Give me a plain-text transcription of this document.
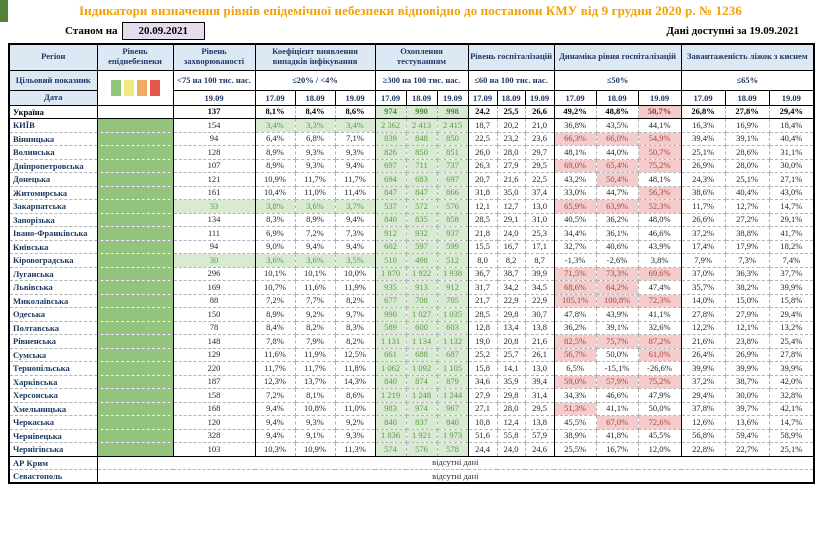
Індикатори визначення рівнів епідемічної небезпеки відповідно до постанови КМУ від 9 грудня 2020 р. № 1236
Станом на	20.09.2021	Дані доступні за 19.09.2021
Регіон	Рівень епіднебезпеки	Рівень захворюваності	Коефіцієнт виявлення випадків інфікування			Охоплення тестуванням			Рівень госпіталізацій			Динаміка рівня госпіталізацій			Завантаженість ліжок з киснем		
Цільовий показник		<75 на 100 тис. нас.	≤20% / <4%			≥300 на 100 тис. нас.			≤60 на 100 тис. нас.			≤50%			≤65%		
Дата		19.09	17.09	18.09	19.09	17.09	18.09	19.09	17.09	18.09	19.09	17.09	18.09	19.09	17.09	18.09	19.09
Україна		137	8,1%	8,4%	8,6%	974	990	998	24,2	25,5	26,6	49,2%	48,8%	50,7%	26,8%	27,8%	29,4%
КИЇВ		154	3,4%	3,3%	3,4%	2 362	2 413	2 415	18,7	20,2	21,0	36,8%	43,5%	44,1%	16,3%	16,9%	18,4%
Вінницька		94	6,4%	6,8%	7,1%	839	848	850	22,5	23,2	23,6	66,3%	66,0%	54,9%	39,4%	39,1%	40,4%
Волинська		128	8,9%	9,3%	9,3%	826	850	851	26,0	28,0	29,7	48,1%	44,0%	50,7%	25,1%	28,6%	31,1%
Дніпропетровська		107	8,9%	9,3%	9,4%	697	711	737	26,3	27,9	29,5	69,0%	65,4%	75,2%	26,9%	28,0%	30,0%
Донецька		121	10,9%	11,7%	11,7%	694	683	697	20,7	21,6	22,5	43,2%	50,4%	48,1%	24,3%	25,1%	27,1%
Житомирська		161	10,4%	11,0%	11,4%	847	847	866	31,8	35,0	37,4	33,0%	44,7%	56,3%	38,6%	40,4%	43,0%
Закарпатська		33	3,8%	3,6%	3,7%	537	572	576	12,1	12,7	13,0	65,9%	63,9%	52,3%	11,7%	12,7%	14,7%
Запорізька		134	8,3%	8,9%	9,4%	840	835	858	28,5	29,1	31,0	40,5%	36,2%	48,0%	26,6%	27,2%	29,1%
Івано-Франківська		111	6,9%	7,2%	7,3%	912	932	937	21,8	24,0	25,3	34,4%	36,1%	46,6%	37,2%	38,8%	41,7%
Київська		94	9,0%	9,4%	9,4%	602	597	599	15,5	16,7	17,1	32,7%	40,6%	43,9%	17,4%	17,9%	18,2%
Кіровоградська		30	3,6%	3,6%	3,5%	510	498	512	8,0	8,2	8,7	-1,3%	-2,6%	3,8%	7,9%	7,3%	7,4%
Луганська		296	10,1%	10,1%	10,0%	1 870	1 922	1 938	36,7	38,7	39,9	71,5%	73,3%	69,6%	37,0%	36,3%	37,7%
Львівська		169	10,7%	11,6%	11,9%	935	913	912	31,7	34,2	34,5	68,6%	64,2%	47,4%	35,7%	38,2%	39,9%
Миколаївська		88	7,2%	7,7%	8,2%	677	708	705	21,7	22,9	22,9	105,1%	100,8%	72,3%	14,0%	15,0%	15,8%
Одеська		150	8,9%	9,2%	9,7%	990	1 027	1 035	28,5	29,8	30,7	47,8%	43,9%	41,1%	27,8%	27,9%	29,4%
Полтавська		78	8,4%	8,2%	8,3%	589	600	603	12,8	13,4	13,8	36,2%	39,1%	32,6%	12,2%	12,1%	13,2%
Рівненська		148	7,8%	7,9%	8,2%	1 131	1 134	1 132	19,0	20,8	21,6	82,5%	75,7%	87,2%	21,6%	23,8%	25,4%
Сумська		129	11,6%	11,9%	12,5%	661	688	687	25,2	25,7	26,1	56,7%	50,0%	61,0%	26,4%	26,9%	27,8%
Тернопільська		220	11,7%	11,7%	11,8%	1 062	1 092	1 105	15,8	14,1	13,0	6,5%	-15,1%	-26,6%	39,9%	39,9%	39,9%
Харківська		187	12,3%	13,7%	14,3%	840	874	879	34,6	35,9	39,4	59,0%	57,9%	75,2%	37,2%	38,7%	42,0%
Херсонська		158	7,2%	8,1%	8,6%	1 219	1 248	1 244	27,9	29,8	31,4	34,3%	46,6%	47,9%	29,4%	30,0%	32,8%
Хмельницька		168	9,4%	10,8%	11,0%	983	974	967	27,1	28,0	29,5	51,3%	41,1%	50,0%	37,8%	39,7%	42,1%
Черкаська		120	9,4%	9,3%	9,2%	840	837	840	10,8	12,4	13,8	45,5%	67,0%	72,6%	12,6%	13,6%	14,7%
Чернівецька		328	9,4%	9,1%	9,3%	1 836	1 921	1 973	51,6	55,8	57,9	38,9%	41,8%	45,5%	56,8%	59,4%	58,9%
Чернігівська		103	10,3%	10,9%	11,3%	574	576	578	24,4	24,0	24,6	25,5%	16,7%	12,0%	22,8%	22,7%	25,1%
АР Крим	відсутні дані																
Севастополь	відсутні дані																
